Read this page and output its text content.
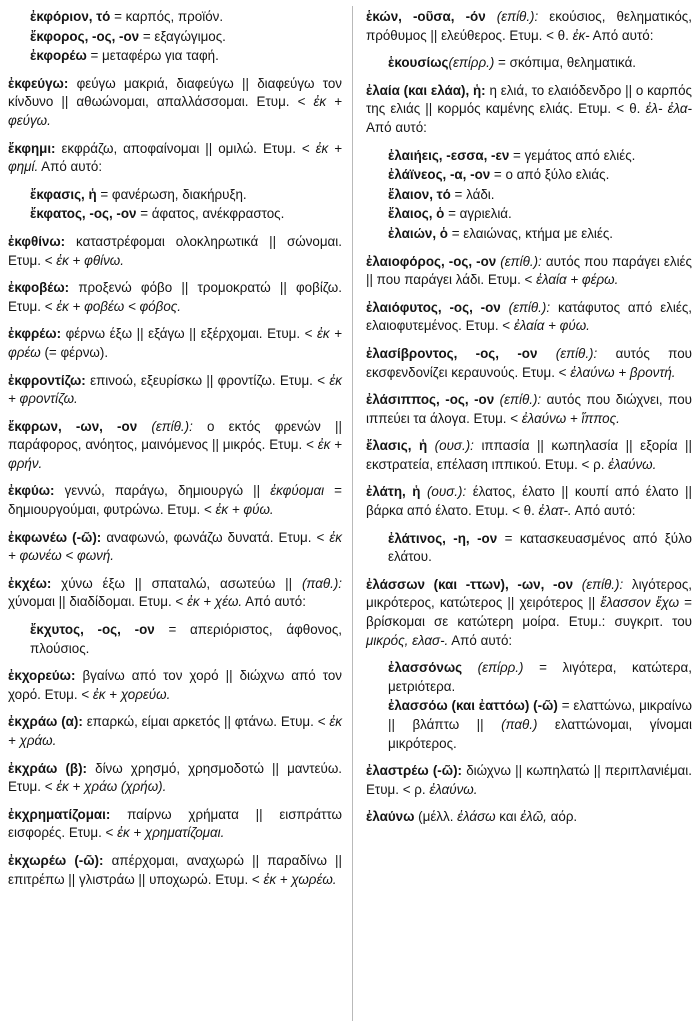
ἐκφόριον, τό = καρπός, προϊόν.

ἔκφορος, -ος, -ον = εξαγώγιμος.

ἐκφορέω = μεταφέρω για ταφή.

ἐκφεύγω: φεύγω μακριά, διαφεύγω || διαφεύγω τον κίνδυνο || αθωώνομαι, απαλλάσσομαι. Ετυμ. < ἐκ + φεύγω.

ἔκφημι: εκφράζω, αποφαίνομαι || ομιλώ. Ετυμ. < ἐκ + φημί. Από αυτό:

ἔκφασις, ἡ = φανέρωση, διακήρυξη.

ἔκφατος, -ος, -ον = άφατος, ανέκφραστος.

ἐκφθίνω: καταστρέφομαι ολοκληρωτικά || σώνομαι. Ετυμ. < ἐκ + φθίνω.

ἐκφοβέω: προξενώ φόβο || τρομοκρατώ || φοβίζω. Ετυμ. < ἐκ + φοβέω < φόβος.

ἐκφρέω: φέρνω έξω || εξάγω || εξέρχομαι. Ετυμ. < ἐκ + φρέω (= φέρνω).

ἐκφροντίζω: επινοώ, εξευρίσκω || φροντίζω. Ετυμ. < ἐκ + φροντίζω.

ἔκφρων, -ων, -ον (επίθ.): ο εκτός φρενών || παράφορος, ανόητος, μαινόμενος || μικρός. Ετυμ. < ἐκ + φρήν.

ἐκφύω: γεννώ, παράγω, δημιουργώ || ἐκφύομαι = δημιουργούμαι, φυτρώνω. Ετυμ. < ἐκ + φύω.

ἐκφωνέω (-ῶ): αναφωνώ, φωνάζω δυνατά. Ετυμ. < ἐκ + φωνέω < φωνή.

ἐκχέω: χύνω έξω || σπαταλώ, ασωτεύω || (παθ.): χύνομαι || διαδίδομαι. Ετυμ. < ἐκ + χέω. Από αυτό:

ἔκχυτος, -ος, -ον = απεριόριστος, άφθονος, πλούσιος.

ἐκχορεύω: βγαίνω από τον χορό || διώχνω από τον χορό. Ετυμ. < ἐκ + χορεύω.

ἐκχράω (α): επαρκώ, είμαι αρκετός || φτάνω. Ετυμ. < ἐκ + χράω.

ἐκχράω (β): δίνω χρησμό, χρησμοδοτώ || μαντεύω. Ετυμ. < ἐκ + χράω (χρήω).

ἐκχρηματίζομαι: παίρνω χρήματα || εισπράττω εισφορές. Ετυμ. < ἐκ + χρηματίζομαι.

ἐκχωρέω (-ῶ): απέρχομαι, αναχωρώ || παραδίνω || επιτρέπω || γλιστράω || υποχωρώ. Ετυμ. < ἐκ + χωρέω.

ἑκών, -οῦσα, -όν (επίθ.): εκούσιος, θεληματικός, πρόθυμος || ελεύθερος. Ετυμ. < θ. ἐκ- Από αυτό:

ἑκουσίως(επίρρ.) = σκόπιμα, θεληματικά.

ἐλαία (και ελάα), ἡ: η ελιά, το ελαιόδενδρο || ο καρπός της ελιάς || κορμός καμένης ελιάς. Ετυμ. < θ. ἐλ- ἐλα- Από αυτό:

ἐλαιήεις, -εσσα, -εν = γεμάτος από ελιές.

ἐλάϊνεος, -α, -ον = ο από ξύλο ελιάς.

ἔλαιον, τό = λάδι.

ἔλαιος, ὁ = αγριελιά.

ἐλαιών, ὁ = ελαιώνας, κτήμα με ελιές.

ἐλαιοφόρος, -ος, -ον (επίθ.): αυτός που παράγει ελιές || που παράγει λάδι. Ετυμ. < ἐλαία + φέρω.

ἐλαιόφυτος, -ος, -ον (επίθ.): κατάφυτος από ελιές, ελαιοφυτεμένος. Ετυμ. < ἐλαία + φύω.

ἐλασίβροντος, -ος, -ον (επίθ.): αυτός που εκσφενδονίζει κεραυνούς. Ετυμ. < ἐλαύνω + βροντή.

ἐλάσιππος, -ος, -ον (επίθ.): αυτός που διώχνει, που ιππεύει τα άλογα. Ετυμ. < ἐλαύνω + ἵππος.

ἔλασις, ἡ (ουσ.): ιππασία || κωπηλασία || εξορία || εκστρατεία, επέλαση ιππικού. Ετυμ. < ρ. ἐλαύνω.

ἐλάτη, ἡ (ουσ.): έλατος, έλατο || κουπί από έλατο || βάρκα από έλατο. Ετυμ. < θ. ἐλατ-. Από αυτό:

ἐλάτινος, -η, -ον = κατασκευασμένος από ξύλο ελάτου.

ἐλάσσων (και -ττων), -ων, -ον (επίθ.): λιγότερος, μικρότερος, κατώτερος || χειρότερος || ἔλασσον ἔχω = βρίσκομαι σε κατώτερη μοίρα. Ετυμ.: συγκριτ. του μικρός, ελασ-. Από αυτό:

ἐλασσόνως (επίρρ.) = λιγότερα, κατώτερα, μετριότερα.

ἐλασσόω (και ἐαττόω) (-ῶ) = ελαττώνω, μικραίνω || βλάπτω || (παθ.) ελαττώνομαι, γίνομαι μικρότερος.

ἐλαστρέω (-ῶ): διώχνω || κωπηλατώ || περιπλανιέμαι. Ετυμ. < ρ. ἐλαύνω.

ἐλαύνω (μέλλ. ἐλάσω και ἐλῶ, αόρ.
